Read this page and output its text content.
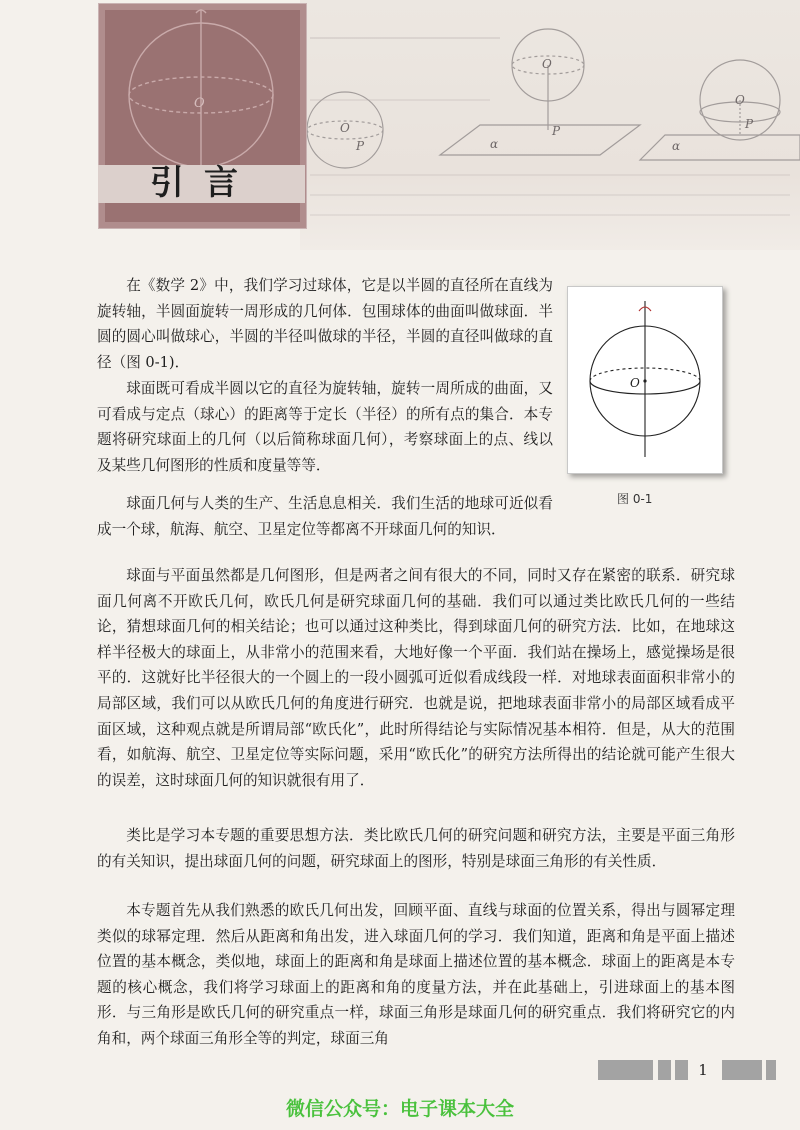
O
P
O
P
α
O
P
α
O
引言
O
图 0-1

在《数学 2》中，我们学习过球体，它是以半圆的直径所在直线为旋转轴，半圆面旋转一周形成的几何体．包围球体的曲面叫做球面．半圆的圆心叫做球心，半圆的半径叫做球的半径，半圆的直径叫做球的直径（图 0-1)．

球面既可看成半圆以它的直径为旋转轴，旋转一周所成的曲面，又可看成与定点（球心）的距离等于定长（半径）的所有点的集合．本专题将研究球面上的几何（以后简称球面几何），考察球面上的点、线以及某些几何图形的性质和度量等等．

球面几何与人类的生产、生活息息相关．我们生活的地球可近似看成一个球，航海、航空、卫星定位等都离不开球面几何的知识．

球面与平面虽然都是几何图形，但是两者之间有很大的不同，同时又存在紧密的联系．研究球面几何离不开欧氏几何，欧氏几何是研究球面几何的基础．我们可以通过类比欧氏几何的一些结论，猜想球面几何的相关结论；也可以通过这种类比，得到球面几何的研究方法．比如，在地球这样半径极大的球面上，从非常小的范围来看，大地好像一个平面．我们站在操场上，感觉操场是很平的．这就好比半径很大的一个圆上的一段小圆弧可近似看成线段一样．对地球表面面积非常小的局部区域，我们可以从欧氏几何的角度进行研究．也就是说，把地球表面非常小的局部区域看成平面区域，这种观点就是所谓局部“欧氏化”，此时所得结论与实际情况基本相符．但是，从大的范围看，如航海、航空、卫星定位等实际问题，采用“欧氏化”的研究方法所得出的结论就可能产生很大的误差，这时球面几何的知识就很有用了．

类比是学习本专题的重要思想方法．类比欧氏几何的研究问题和研究方法，主要是平面三角形的有关知识，提出球面几何的问题，研究球面上的图形，特别是球面三角形的有关性质．

本专题首先从我们熟悉的欧氏几何出发，回顾平面、直线与球面的位置关系，得出与圆幂定理类似的球幂定理．然后从距离和角出发，进入球面几何的学习．我们知道，距离和角是平面上描述位置的基本概念，类似地，球面上的距离和角是球面上描述位置的基本概念．球面上的距离是本专题的核心概念，我们将学习球面上的距离和角的度量方法，并在此基础上，引进球面上的基本图形．与三角形是欧氏几何的研究重点一样，球面三角形是球面几何的研究重点．我们将研究它的内角和，两个球面三角形全等的判定，球面三角

1
微信公众号：电子课本大全
